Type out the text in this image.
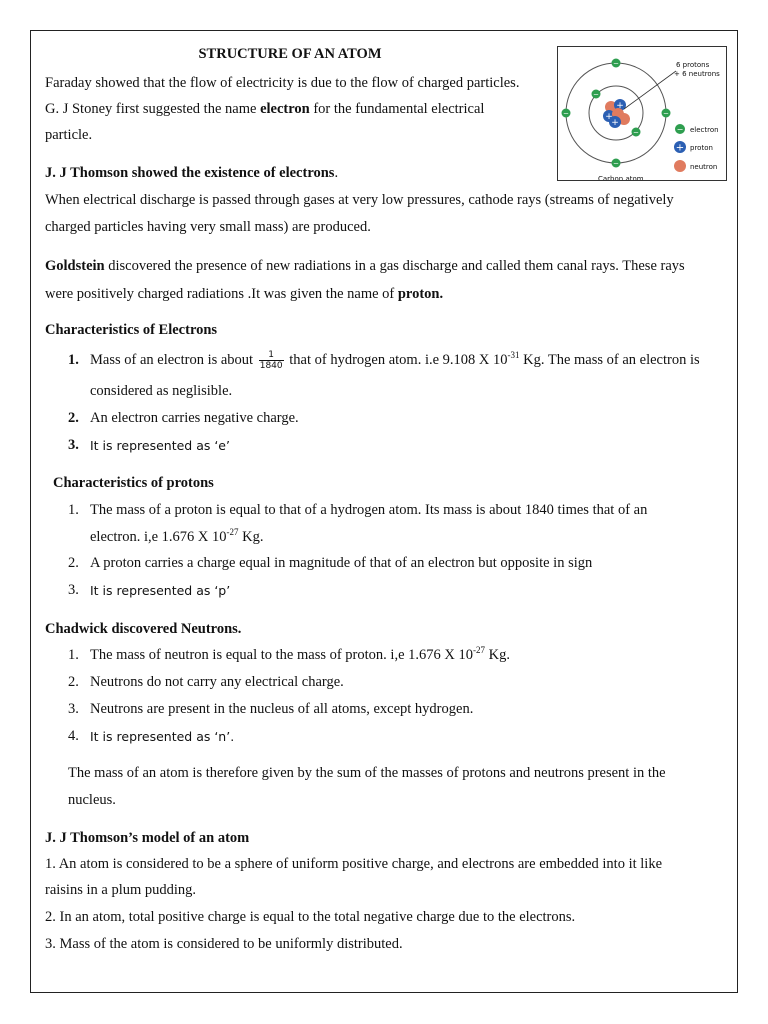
STRUCTURE OF AN ATOM

Faraday showed that the flow of electricity is due to the flow of charged particles.

G. J Stoney first suggested the name electron for the fundamental electrical

particle.

+
+
+
−
−
−	−
−
−
6 protons
+ 6 neutrons
− electron
+ proton
neutron
Carbon atom

J. J Thomson showed the existence of electrons.

When electrical discharge is passed through gases at very low pressures, cathode rays (streams of negatively

charged particles having very small mass) are produced.

Goldstein discovered the presence of new radiations in a gas discharge and called them canal rays. These rays

were positively charged radiations .It was given the name of proton.

Characteristics of Electrons

1. Mass of an electron is about $\frac{1}{1840}$ that of hydrogen atom. i.e 9.108 X $10^{-31}$ Kg. The mass of an electron is
considered as neglisible.
2. An electron carries negative charge.
3. It is represented as ‘e’

Characteristics of protons

1. The mass of a proton is equal to that of a hydrogen atom. Its mass is about 1840 times that of an
electron. i,e 1.676 X $10^{-27}$ Kg.
2. A proton carries a charge equal in magnitude of that of an electron but opposite in sign
3. It is represented as ‘p’

Chadwick discovered Neutrons.

1. The mass of neutron is equal to the mass of proton. i,e 1.676 X $10^{-27}$ Kg.
2. Neutrons do not carry any electrical charge.
3. Neutrons are present in the nucleus of all atoms, except hydrogen.
4. It is represented as ‘n’.

The mass of an atom is therefore given by the sum of the masses of protons and neutrons present in the

nucleus.

J. J Thomson’s model of an atom

1. An atom is considered to be a sphere of uniform positive charge, and electrons are embedded into it like

raisins in a plum pudding.

2. In an atom, total positive charge is equal to the total negative charge due to the electrons.

3. Mass of the atom is considered to be uniformly distributed.
